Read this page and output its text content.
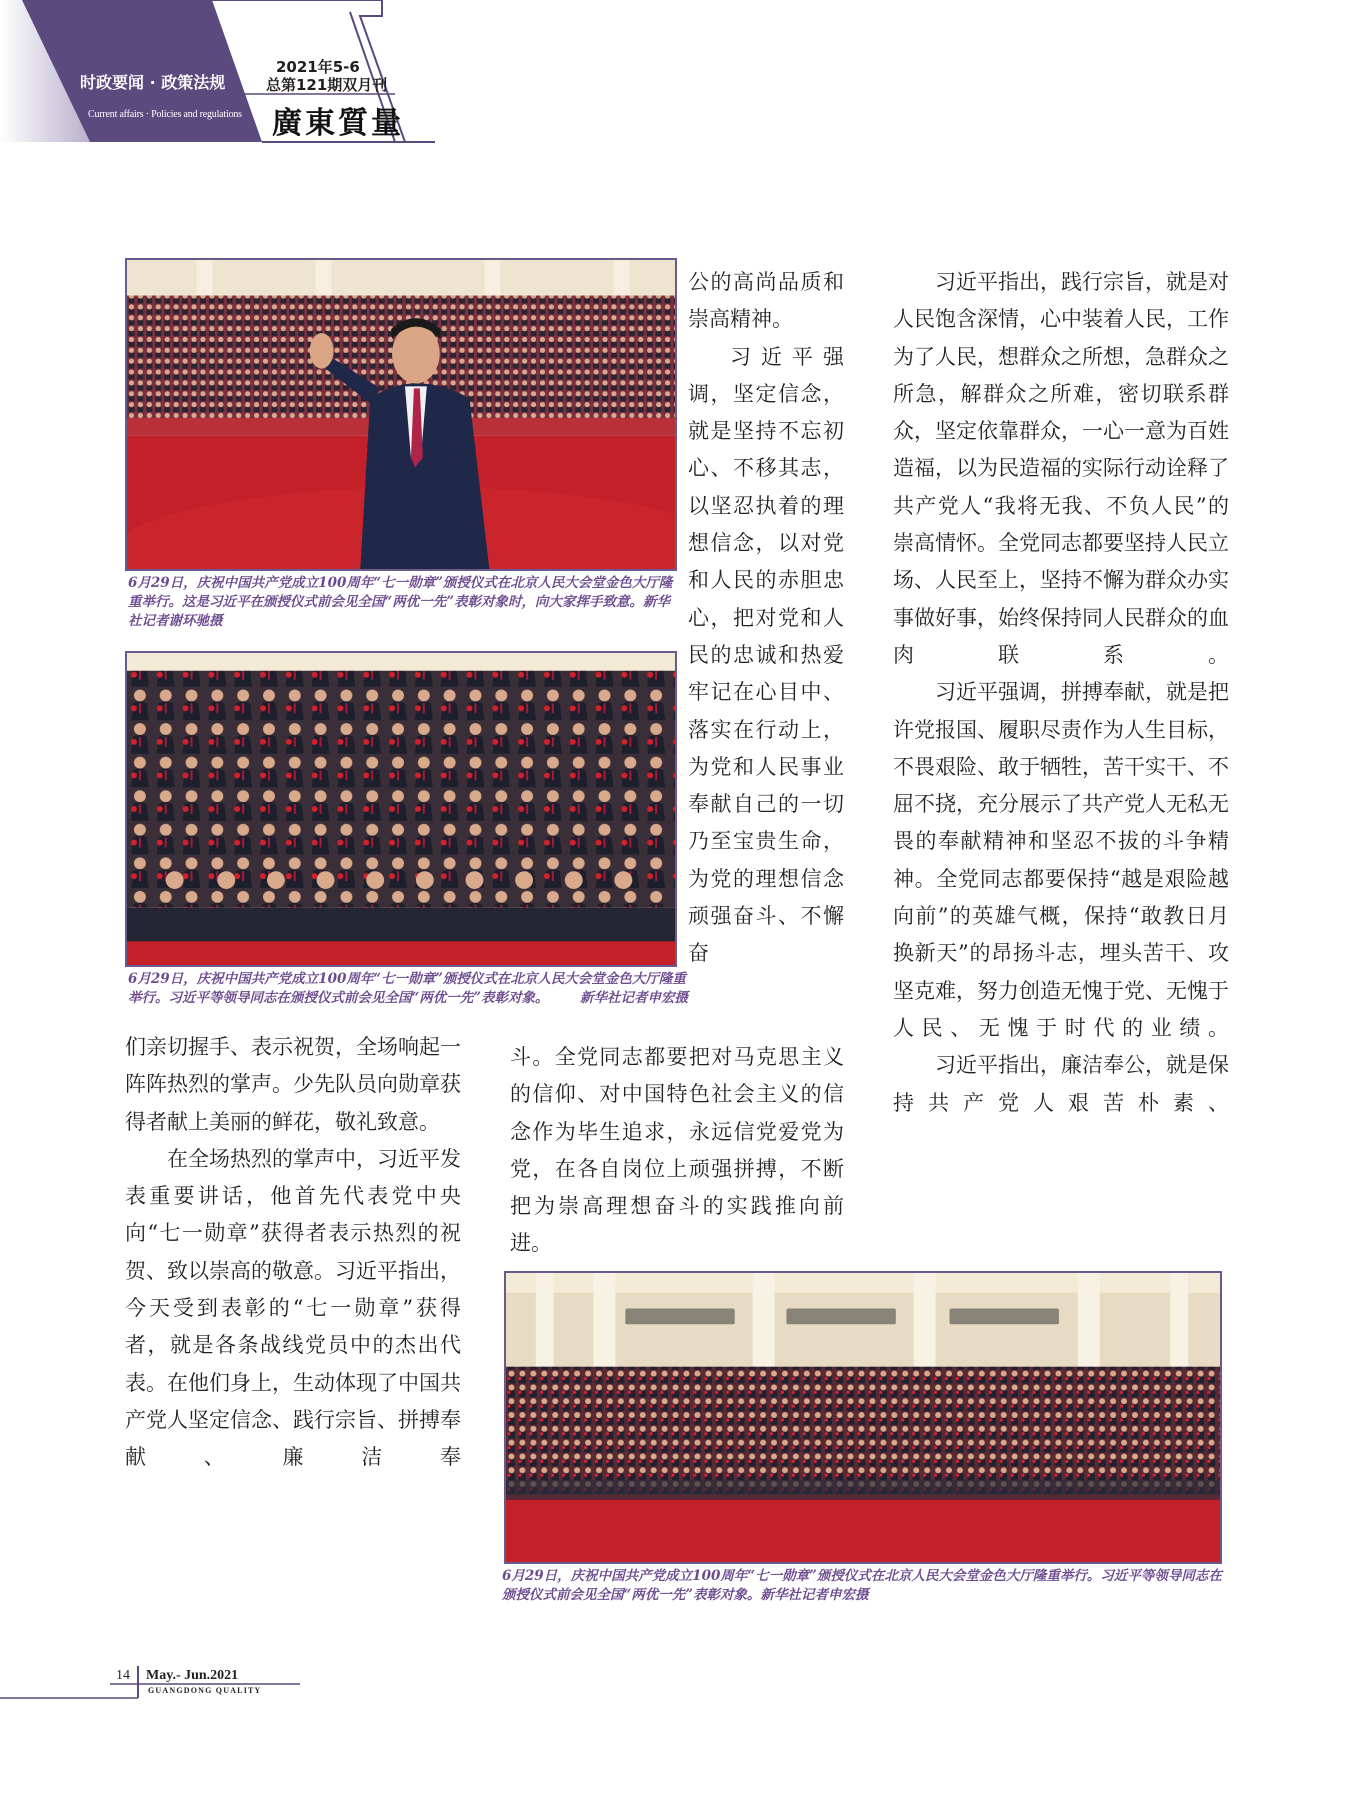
时政要闻 · 政策法规
Current affairs · Policies and regulations
2021年5-6
总第121期双月刊
廣東質量
6月29日，庆祝中国共产党成立100周年“七一勋章”颁授仪式在北京人民大会堂金色大厅隆重举行。这是习近平在颁授仪式前会见全国“两优一先”表彰对象时，向大家挥手致意。新华社记者谢环驰摄
6月29日，庆祝中国共产党成立100周年“七一勋章”颁授仪式在北京人民大会堂金色大厅隆重举行。习近平等领导同志在颁授仪式前会见全国“两优一先”表彰对象。 新华社记者申宏摄
6月29日，庆祝中国共产党成立100周年“七一勋章”颁授仪式在北京人民大会堂金色大厅隆重举行。习近平等领导同志在颁授仪式前会见全国“两优一先”表彰对象。新华社记者申宏摄

公的高尚品质和崇高精神。

习近平强调，坚定信念，就是坚持不忘初心、不移其志，以坚忍执着的理想信念，以对党和人民的赤胆忠心，把对党和人民的忠诚和热爱牢记在心目中、落实在行动上，为党和人民事业奉献自己的一切乃至宝贵生命，为党的理想信念顽强奋斗、不懈奋

习近平指出，践行宗旨，就是对人民饱含深情，心中装着人民，工作为了人民，想群众之所想，急群众之所急，解群众之所难，密切联系群众，坚定依靠群众，一心一意为百姓造福，以为民造福的实际行动诠释了共产党人“我将无我、不负人民”的崇高情怀。全党同志都要坚持人民立场、人民至上，坚持不懈为群众办实事做好事，始终保持同人民群众的血肉联系。

习近平强调，拼搏奉献，就是把许党报国、履职尽责作为人生目标，不畏艰险、敢于牺牲，苦干实干、不屈不挠，充分展示了共产党人无私无畏的奉献精神和坚忍不拔的斗争精神。全党同志都要保持“越是艰险越向前”的英雄气概，保持“敢教日月换新天”的昂扬斗志，埋头苦干、攻坚克难，努力创造无愧于党、无愧于人民、无愧于时代的业绩。

习近平指出，廉洁奉公，就是保持共产党人艰苦朴素、

斗。全党同志都要把对马克思主义的信仰、对中国特色社会主义的信念作为毕生追求，永远信党爱党为党，在各自岗位上顽强拼搏，不断把为崇高理想奋斗的实践推向前进。

们亲切握手、表示祝贺，全场响起一阵阵热烈的掌声。少先队员向勋章获得者献上美丽的鲜花，敬礼致意。

在全场热烈的掌声中，习近平发表重要讲话，他首先代表党中央向“七一勋章”获得者表示热烈的祝贺、致以崇高的敬意。习近平指出，今天受到表彰的“七一勋章”获得者，就是各条战线党员中的杰出代表。在他们身上，生动体现了中国共产党人坚定信念、践行宗旨、拼搏奉献、廉洁奉

14 May.- Jun.2021
GUANGDONG QUALITY
